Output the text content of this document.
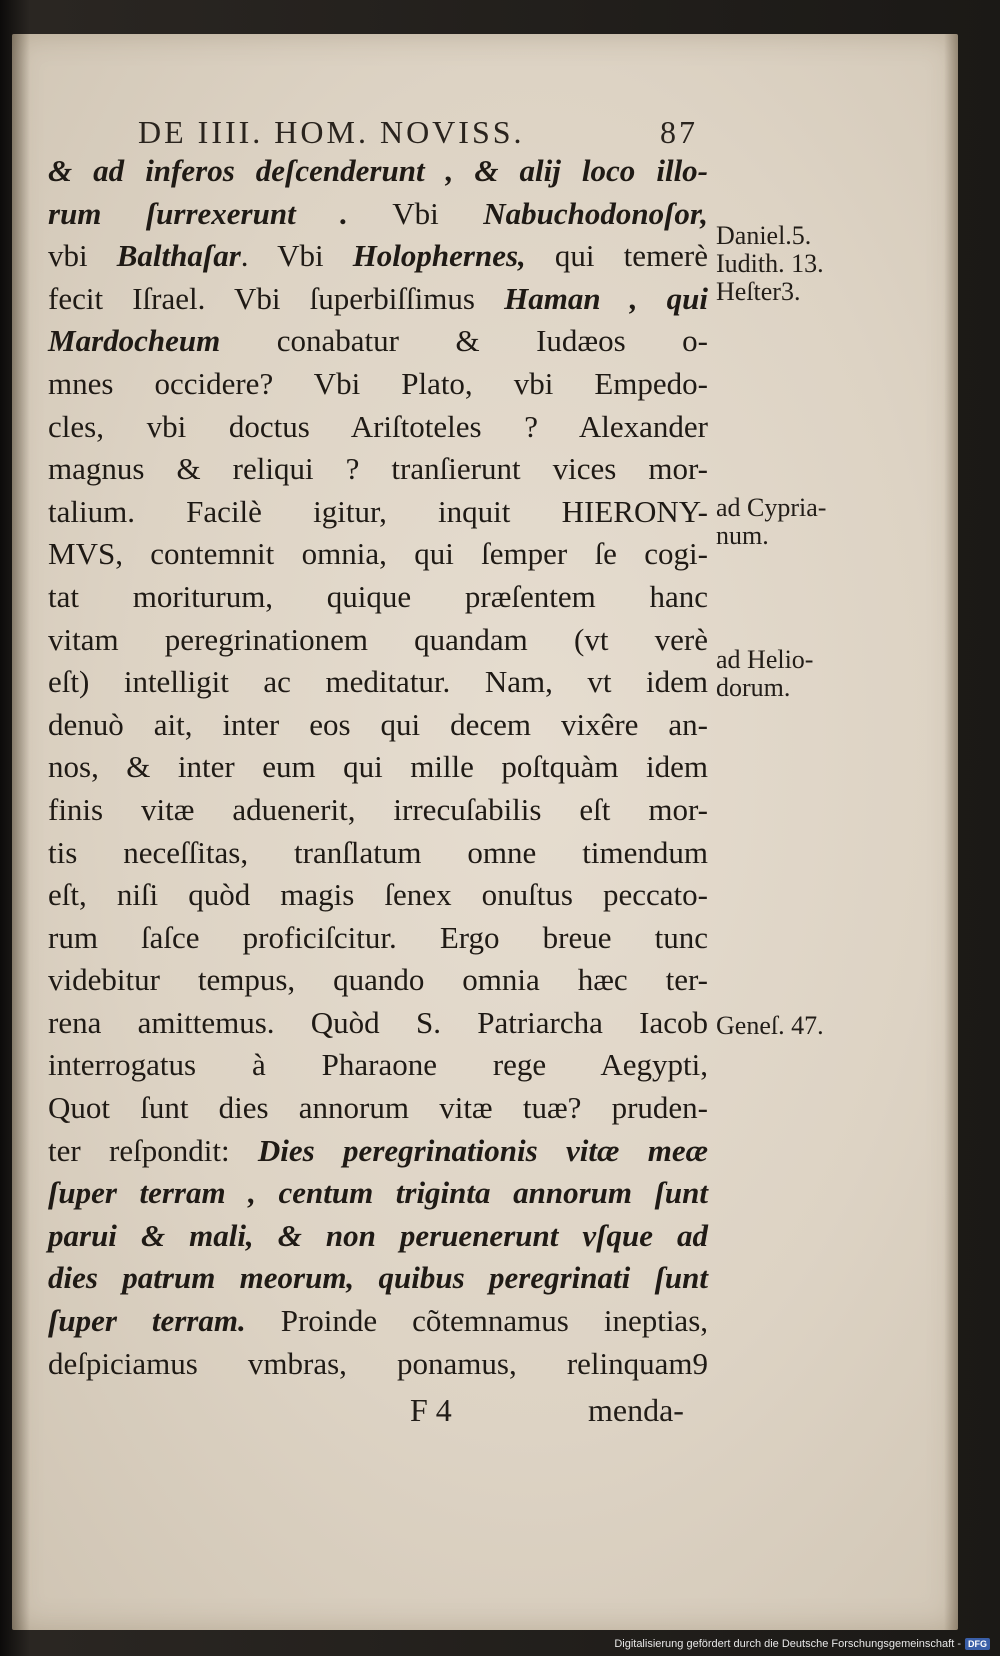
DE IIII. HOM. NOVISS.	87
& ad inferos deſcenderunt , & alij loco illo-
rum ſurrexerunt . Vbi Nabuchodonoſor,
vbi Balthaſar. Vbi Holophernes, qui temerè
fecit Iſrael. Vbi ſuperbiſſimus Haman , qui
Mardocheum conabatur & Iudæos o-
mnes occidere? Vbi Plato, vbi Empedo-
cles, vbi doctus Ariſtoteles ? Alexander
magnus & reliqui ? tranſierunt vices mor-
talium. Facilè igitur, inquit HIERONY-
MVS, contemnit omnia, qui ſemper ſe cogi-
tat moriturum, quique præſentem hanc
vitam peregrinationem quandam (vt verè
eſt) intelligit ac meditatur. Nam, vt idem
denuò ait, inter eos qui decem vixêre an-
nos, & inter eum qui mille poſtquàm idem
finis vitæ aduenerit, irrecuſabilis eſt mor-
tis neceſſitas, tranſlatum omne timendum
eſt, niſi quòd magis ſenex onuſtus peccato-
rum ſaſce proficiſcitur. Ergo breue tunc
videbitur tempus, quando omnia hæc ter-
rena amittemus. Quòd S. Patriarcha Iacob
interrogatus à Pharaone rege Aegypti,
Quot ſunt dies annorum vitæ tuæ? pruden-
ter reſpondit: Dies peregrinationis vitæ meæ
ſuper terram , centum triginta annorum ſunt
parui & mali, & non peruenerunt vſque ad
dies patrum meorum, quibus peregrinati ſunt
ſuper terram. Proinde cõtemnamus ineptias,
deſpiciamus vmbras, ponamus, relinquam9
Daniel.5.
Iudith. 13.
Heſter3.
ad Cypria-
num.
ad Helio-
dorum.
Geneſ. 47.
F 4	menda-
Digitalisierung gefördert durch die Deutsche Forschungsgemeinschaft - DFG
